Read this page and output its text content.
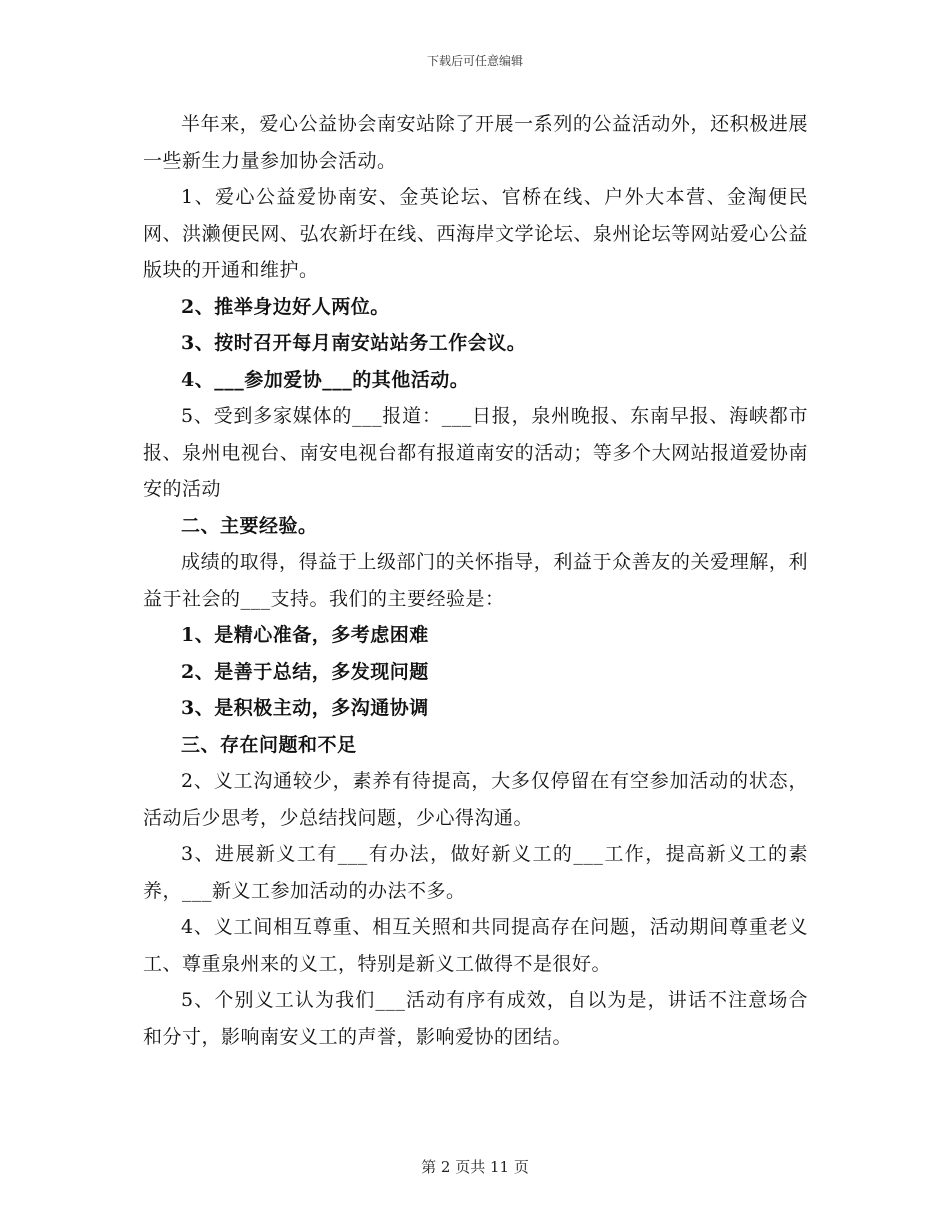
下载后可任意编辑

半年来，爱心公益协会南安站除了开展一系列的公益活动外，还积极进展一些新生力量参加协会活动。

1、爱心公益爱协南安、金英论坛、官桥在线、户外大本营、金淘便民网、洪濑便民网、弘农新圩在线、西海岸文学论坛、泉州论坛等网站爱心公益版块的开通和维护。

2、推举身边好人两位。

3、按时召开每月南安站站务工作会议。

4、___参加爱协___的其他活动。

5、受到多家媒体的___报道：___日报，泉州晚报、东南早报、海峡都市报、泉州电视台、南安电视台都有报道南安的活动；等多个大网站报道爱协南安的活动

二、主要经验。

成绩的取得，得益于上级部门的关怀指导，利益于众善友的关爱理解，利益于社会的___支持。我们的主要经验是：

1、是精心准备，多考虑困难

2、是善于总结，多发现问题

3、是积极主动，多沟通协调

三、存在问题和不足

2、义工沟通较少，素养有待提高，大多仅停留在有空参加活动的状态，活动后少思考，少总结找问题，少心得沟通。

3、进展新义工有___有办法，做好新义工的___工作，提高新义工的素养，___新义工参加活动的办法不多。

4、义工间相互尊重、相互关照和共同提高存在问题，活动期间尊重老义工、尊重泉州来的义工，特别是新义工做得不是很好。

5、个别义工认为我们___活动有序有成效，自以为是，讲话不注意场合和分寸，影响南安义工的声誉，影响爱协的团结。

第 2 页共 11 页
